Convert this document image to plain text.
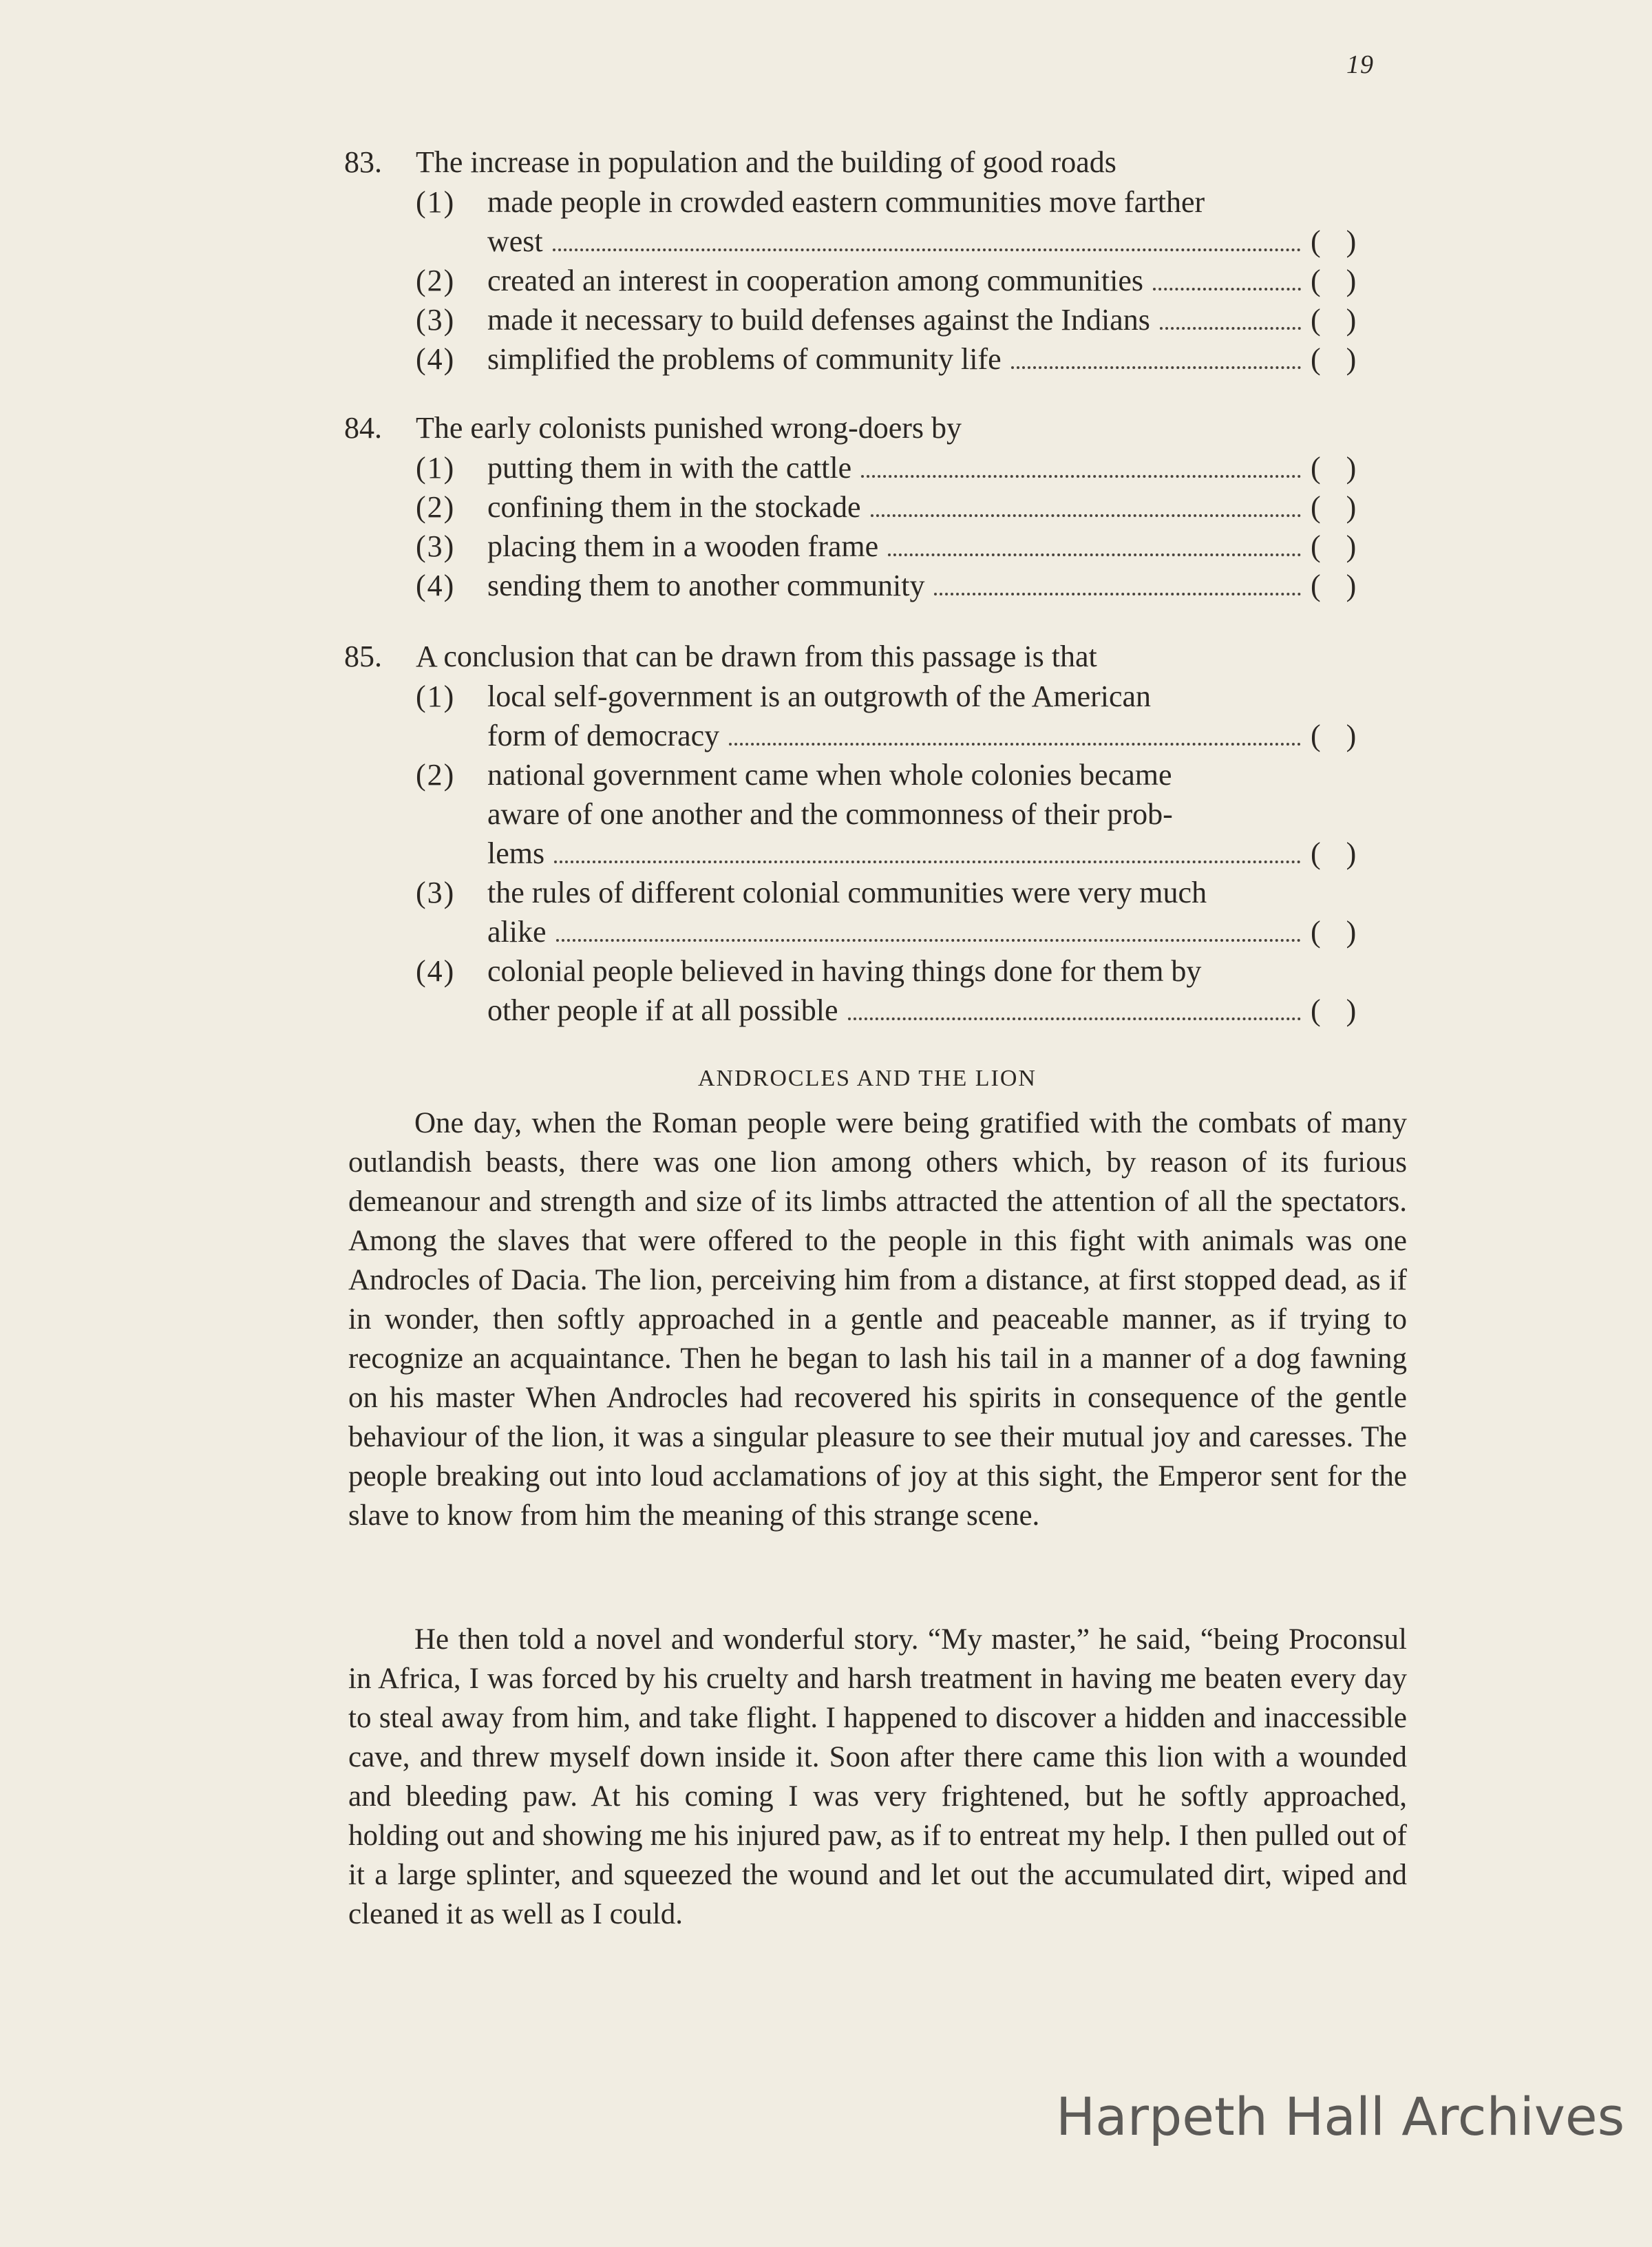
19
83.	The increase in population and the building of good roads
(1)	made people in crowded eastern communities move farther
west	(   )
(2)	created an interest in cooperation among communities	(   )
(3)	made it necessary to build defenses against the Indians	(   )
(4)	simplified the problems of community life	(   )
84.	The early colonists punished wrong-doers by
(1)	putting them in with the cattle	(   )
(2)	confining them in the stockade	(   )
(3)	placing them in a wooden frame	(   )
(4)	sending them to another community	(   )
85.	A conclusion that can be drawn from this passage is that
(1)	local self-government is an outgrowth of the American
form of democracy	(   )
(2)	national government came when whole colonies became
aware of one another and the commonness of their prob-
lems	(   )
(3)	the rules of different colonial communities were very much
alike	(   )
(4)	colonial people believed in having things done for them by
other people if at all possible	(   )
ANDROCLES AND THE LION

One day, when the Roman people were being gratified with the combats of many outlandish beasts, there was one lion among others which, by reason of its furious demeanour and strength and size of its limbs attracted the attention of all the spectators. Among the slaves that were offered to the people in this fight with animals was one Androcles of Dacia. The lion, perceiving him from a distance, at first stopped dead, as if in wonder, then softly approached in a gentle and peaceable manner, as if trying to recognize an acquaintance. Then he began to lash his tail in a manner of a dog fawning on his master When Androcles had recovered his spirits in consequence of the gentle behaviour of the lion, it was a singular pleasure to see their mutual joy and caresses. The people breaking out into loud acclamations of joy at this sight, the Emperor sent for the slave to know from him the meaning of this strange scene.

He then told a novel and wonderful story. “My master,” he said, “being Proconsul in Africa, I was forced by his cruelty and harsh treatment in having me beaten every day to steal away from him, and take flight. I happened to discover a hidden and inaccessible cave, and threw myself down inside it. Soon after there came this lion with a wounded and bleeding paw. At his coming I was very frightened, but he softly approached, holding out and showing me his injured paw, as if to entreat my help. I then pulled out of it a large splinter, and squeezed the wound and let out the accumulated dirt, wiped and cleaned it as well as I could.

Harpeth Hall Archives
